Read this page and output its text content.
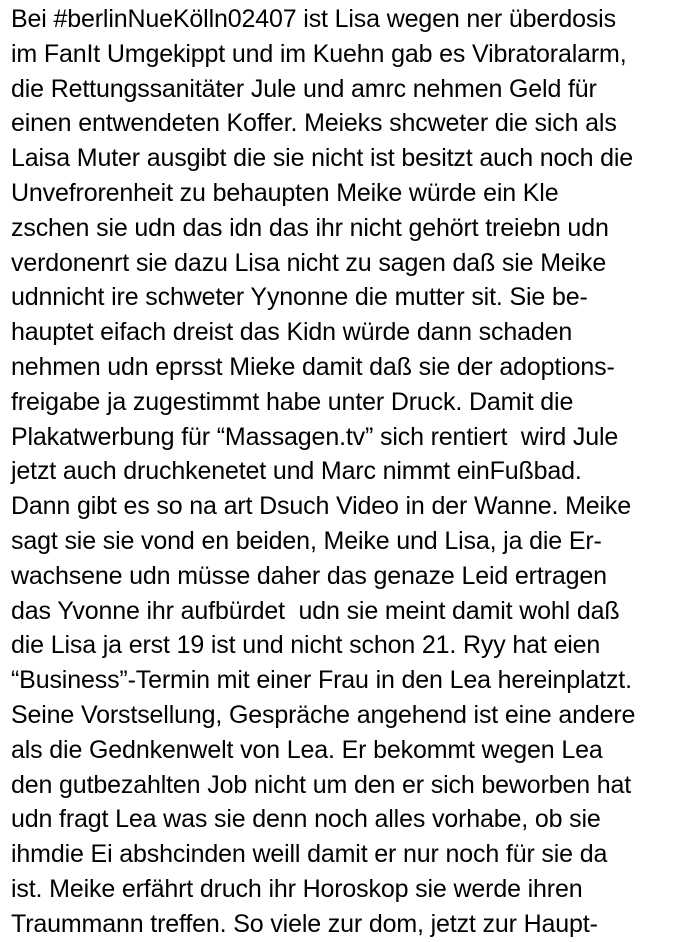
Bei #berlinNueKölln02407 ist Lisa wegen ner überdosis
im FanIt Umgekippt und im Kuehn gab es Vibratoralarm,
die Rettungssanitäter Jule und amrc nehmen Geld für
einen entwendeten Koffer. Meieks shcweter die sich als
Laisa Muter ausgibt die sie nicht ist besitzt auch noch die
Unvefrorenheit zu behaupten Meike würde ein Kle
zschen sie udn das idn das ihr nicht gehört treiebn udn
verdonenrt sie dazu Lisa nicht zu sagen daß sie Meike
udnnicht ire schweter Yynonne die mutter sit. Sie be-
hauptet eifach dreist das Kidn würde dann schaden
nehmen udn eprsst Mieke damit daß sie der adoptions-
freigabe ja zugestimmt habe unter Druck. Damit die
Plakatwerbung für “Massagen.tv” sich rentiert  wird Jule
jetzt auch druchkenetet und Marc nimmt einFußbad.
Dann gibt es so na art Dsuch Video in der Wanne. Meike
sagt sie sie vond en beiden, Meike und Lisa, ja die Er-
wachsene udn müsse daher das genaze Leid ertragen
das Yvonne ihr aufbürdet  udn sie meint damit wohl daß
die Lisa ja erst 19 ist und nicht schon 21. Ryy hat eien
“Business”-Termin mit einer Frau in den Lea hereinplatzt.
Seine Vorstsellung, Gespräche angehend ist eine andere
als die Gednkenwelt von Lea. Er bekommt wegen Lea
den gutbezahlten Job nicht um den er sich beworben hat
udn fragt Lea was sie denn noch alles vorhabe, ob sie
ihmdie Ei abshcinden weill damit er nur noch für sie da
ist. Meike erfährt druch ihr Horoskop sie werde ihren
Traummann treffen. So viele zur dom, jetzt zur Haupt-
